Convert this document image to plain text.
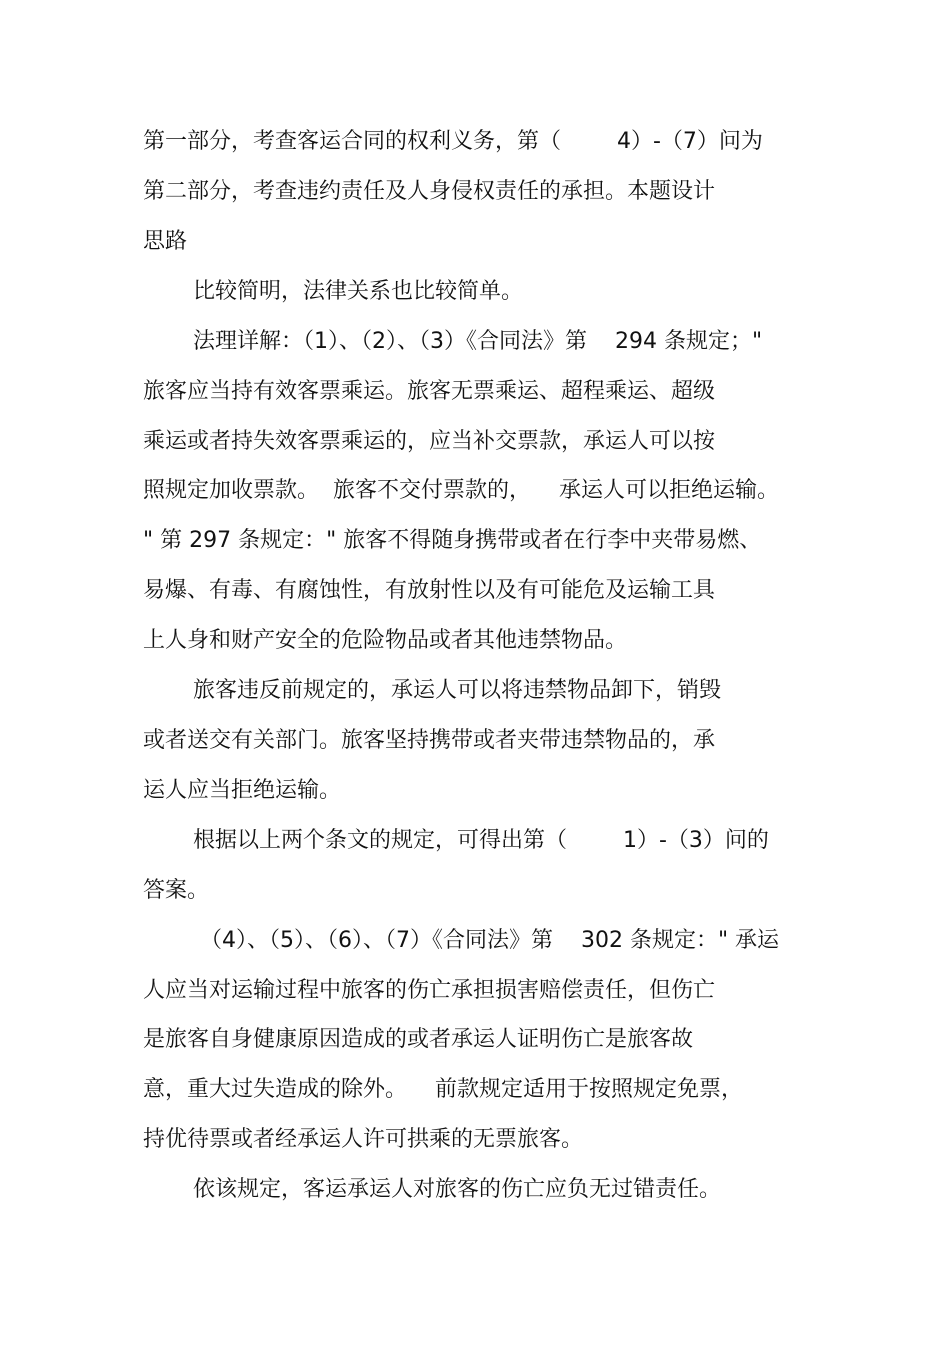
第一部分，考查客运合同的权利义务，第（        4）-（7）问为
第二部分，考查违约责任及人身侵权责任的承担。本题设计
思路
比较简明，法律关系也比较简单。
法理详解：（1）、（2）、（3）《合同法》第    294 条规定；"
旅客应当持有效客票乘运。旅客无票乘运、超程乘运、超级
乘运或者持失效客票乘运的，应当补交票款，承运人可以按
照规定加收票款。  旅客不交付票款的，    承运人可以拒绝运输。
" 第 297 条规定：" 旅客不得随身携带或者在行李中夹带易燃、
易爆、有毒、有腐蚀性，有放射性以及有可能危及运输工具
上人身和财产安全的危险物品或者其他违禁物品。
旅客违反前规定的，承运人可以将违禁物品卸下，销毁
或者送交有关部门。旅客坚持携带或者夹带违禁物品的，承
运人应当拒绝运输。
根据以上两个条文的规定，可得出第（        1）-（3）问的
答案。
（4）、（5）、（6）、（7）《合同法》第    302 条规定：" 承运
人应当对运输过程中旅客的伤亡承担损害赔偿责任，但伤亡
是旅客自身健康原因造成的或者承运人证明伤亡是旅客故
意，重大过失造成的除外。    前款规定适用于按照规定免票，
持优待票或者经承运人许可拱乘的无票旅客。
依该规定，客运承运人对旅客的伤亡应负无过错责任。
